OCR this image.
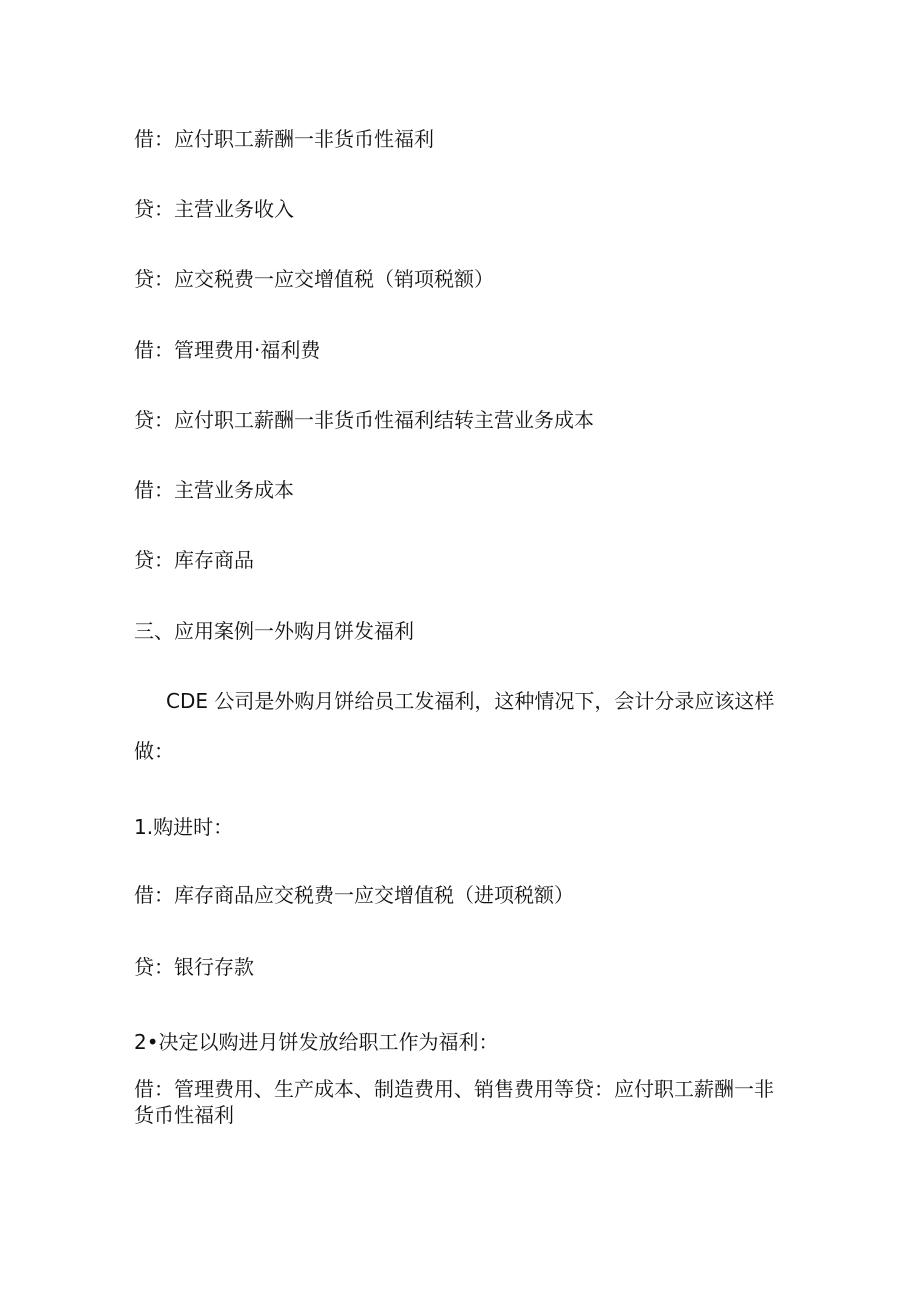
借：应付职工薪酬一非货币性福利

贷：主营业务收入

贷：应交税费一应交增值税（销项税额）

借：管理费用·福利费

贷：应付职工薪酬一非货币性福利结转主营业务成本

借：主营业务成本

贷：库存商品

三、应用案例一外购月饼发福利

CDE 公司是外购月饼给员工发福利，这种情况下，会计分录应该这样

做：

1.购进时：

借：库存商品应交税费一应交增值税（进项税额）

贷：银行存款

2•决定以购进月饼发放给职工作为福利：

借：管理费用、生产成本、制造费用、销售费用等贷：应付职工薪酬一非

货币性福利
